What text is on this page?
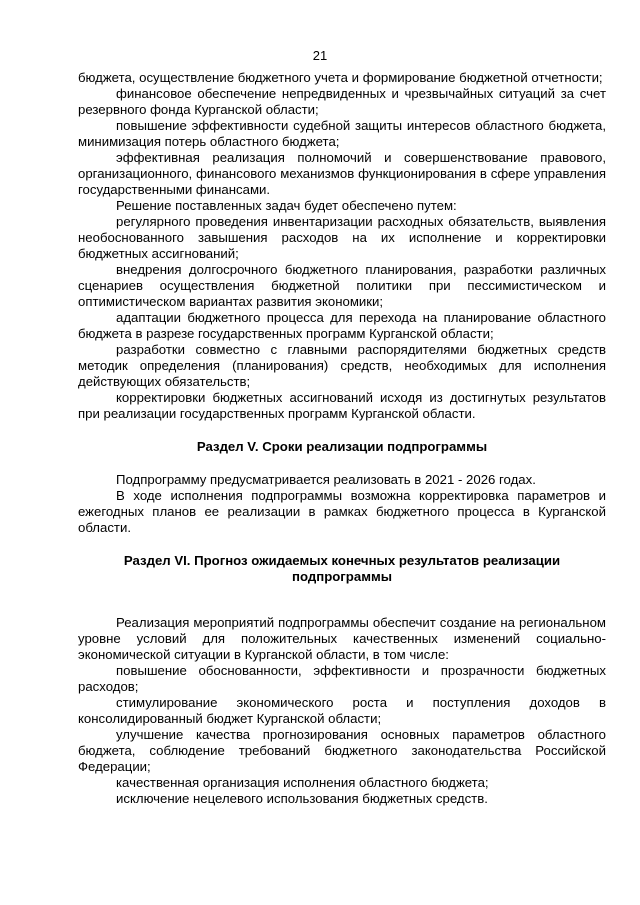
21

бюджета, осуществление бюджетного учета и формирование бюджетной отчетности;

финансовое обеспечение непредвиденных и чрезвычайных ситуаций за счет резервного фонда Курганской области;

повышение эффективности судебной защиты интересов областного бюджета, минимизация потерь областного бюджета;

эффективная реализация полномочий и совершенствование правового, организационного, финансового механизмов функционирования в сфере управления государственными финансами.

Решение поставленных задач будет обеспечено путем:

регулярного проведения инвентаризации расходных обязательств, выявления необоснованного завышения расходов на их исполнение и корректировки бюджетных ассигнований;

внедрения долгосрочного бюджетного планирования, разработки различных сценариев осуществления бюджетной политики при пессимистическом и оптимистическом вариантах развития экономики;

адаптации бюджетного процесса для перехода на планирование областного бюджета в разрезе государственных программ Курганской области;

разработки совместно с главными распорядителями бюджетных средств методик определения (планирования) средств, необходимых для исполнения действующих обязательств;

корректировки бюджетных ассигнований исходя из достигнутых результатов при реализации государственных программ Курганской области.

Раздел V. Сроки реализации подпрограммы

Подпрограмму предусматривается реализовать в 2021 - 2026 годах.

В ходе исполнения подпрограммы возможна корректировка параметров и ежегодных планов ее реализации в рамках бюджетного процесса в Курганской области.

Раздел VI. Прогноз ожидаемых конечных результатов реализации

подпрограммы

Реализация мероприятий подпрограммы обеспечит создание на региональном уровне условий для положительных качественных изменений социально-экономической ситуации в Курганской области, в том числе:

повышение обоснованности, эффективности и прозрачности бюджетных расходов;

стимулирование экономического роста и поступления доходов в консолидированный бюджет Курганской области;

улучшение качества прогнозирования основных параметров областного бюджета, соблюдение требований бюджетного законодательства Российской Федерации;

качественная организация исполнения областного бюджета;

исключение нецелевого использования бюджетных средств.
